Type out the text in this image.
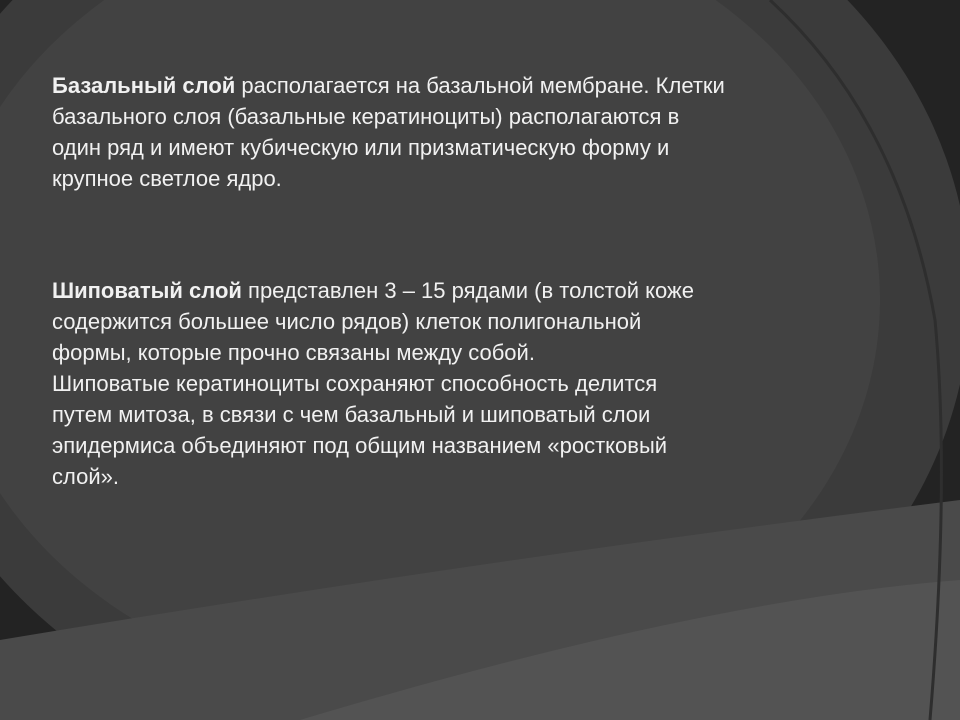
Базальный слой располагается на базальной мембране. Клетки
базального слоя (базальные кератиноциты) располагаются в
один ряд и имеют кубическую или призматическую форму и
крупное светлое ядро.

Шиповатый слой представлен 3 – 15 рядами (в толстой коже
содержится большее число рядов) клеток полигональной
формы, которые прочно связаны между собой.
Шиповатые кератиноциты сохраняют способность делится
путем митоза, в связи с чем базальный и шиповатый слои
эпидермиса объединяют под общим названием «ростковый
слой».
